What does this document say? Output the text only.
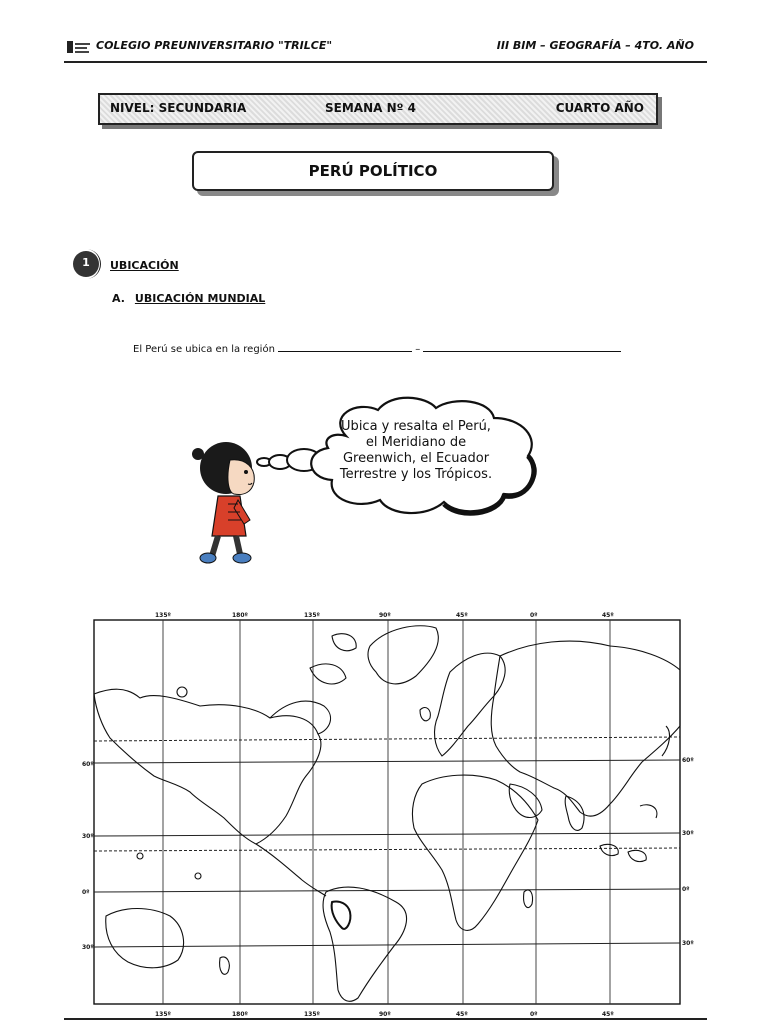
COLEGIO PREUNIVERSITARIO "TRILCE"	III BIM – GEOGRAFÍA – 4TO. AÑO
NIVEL: SECUNDARIA	SEMANA Nº 4	CUARTO AÑO
PERÚ POLÍTICO
1	UBICACIÓN
A. UBICACIÓN MUNDIAL
El Perú se ubica en la región	–
Ubica y resalta el Perú, el Meridiano de Greenwich, el Ecuador Terrestre y los Trópicos.
135º	180º	135º	90º	45º	0º	45º
135º	180º	135º	90º	45º	0º	45º
60º
30º
0º
30º
60º
30º
0º
30º
